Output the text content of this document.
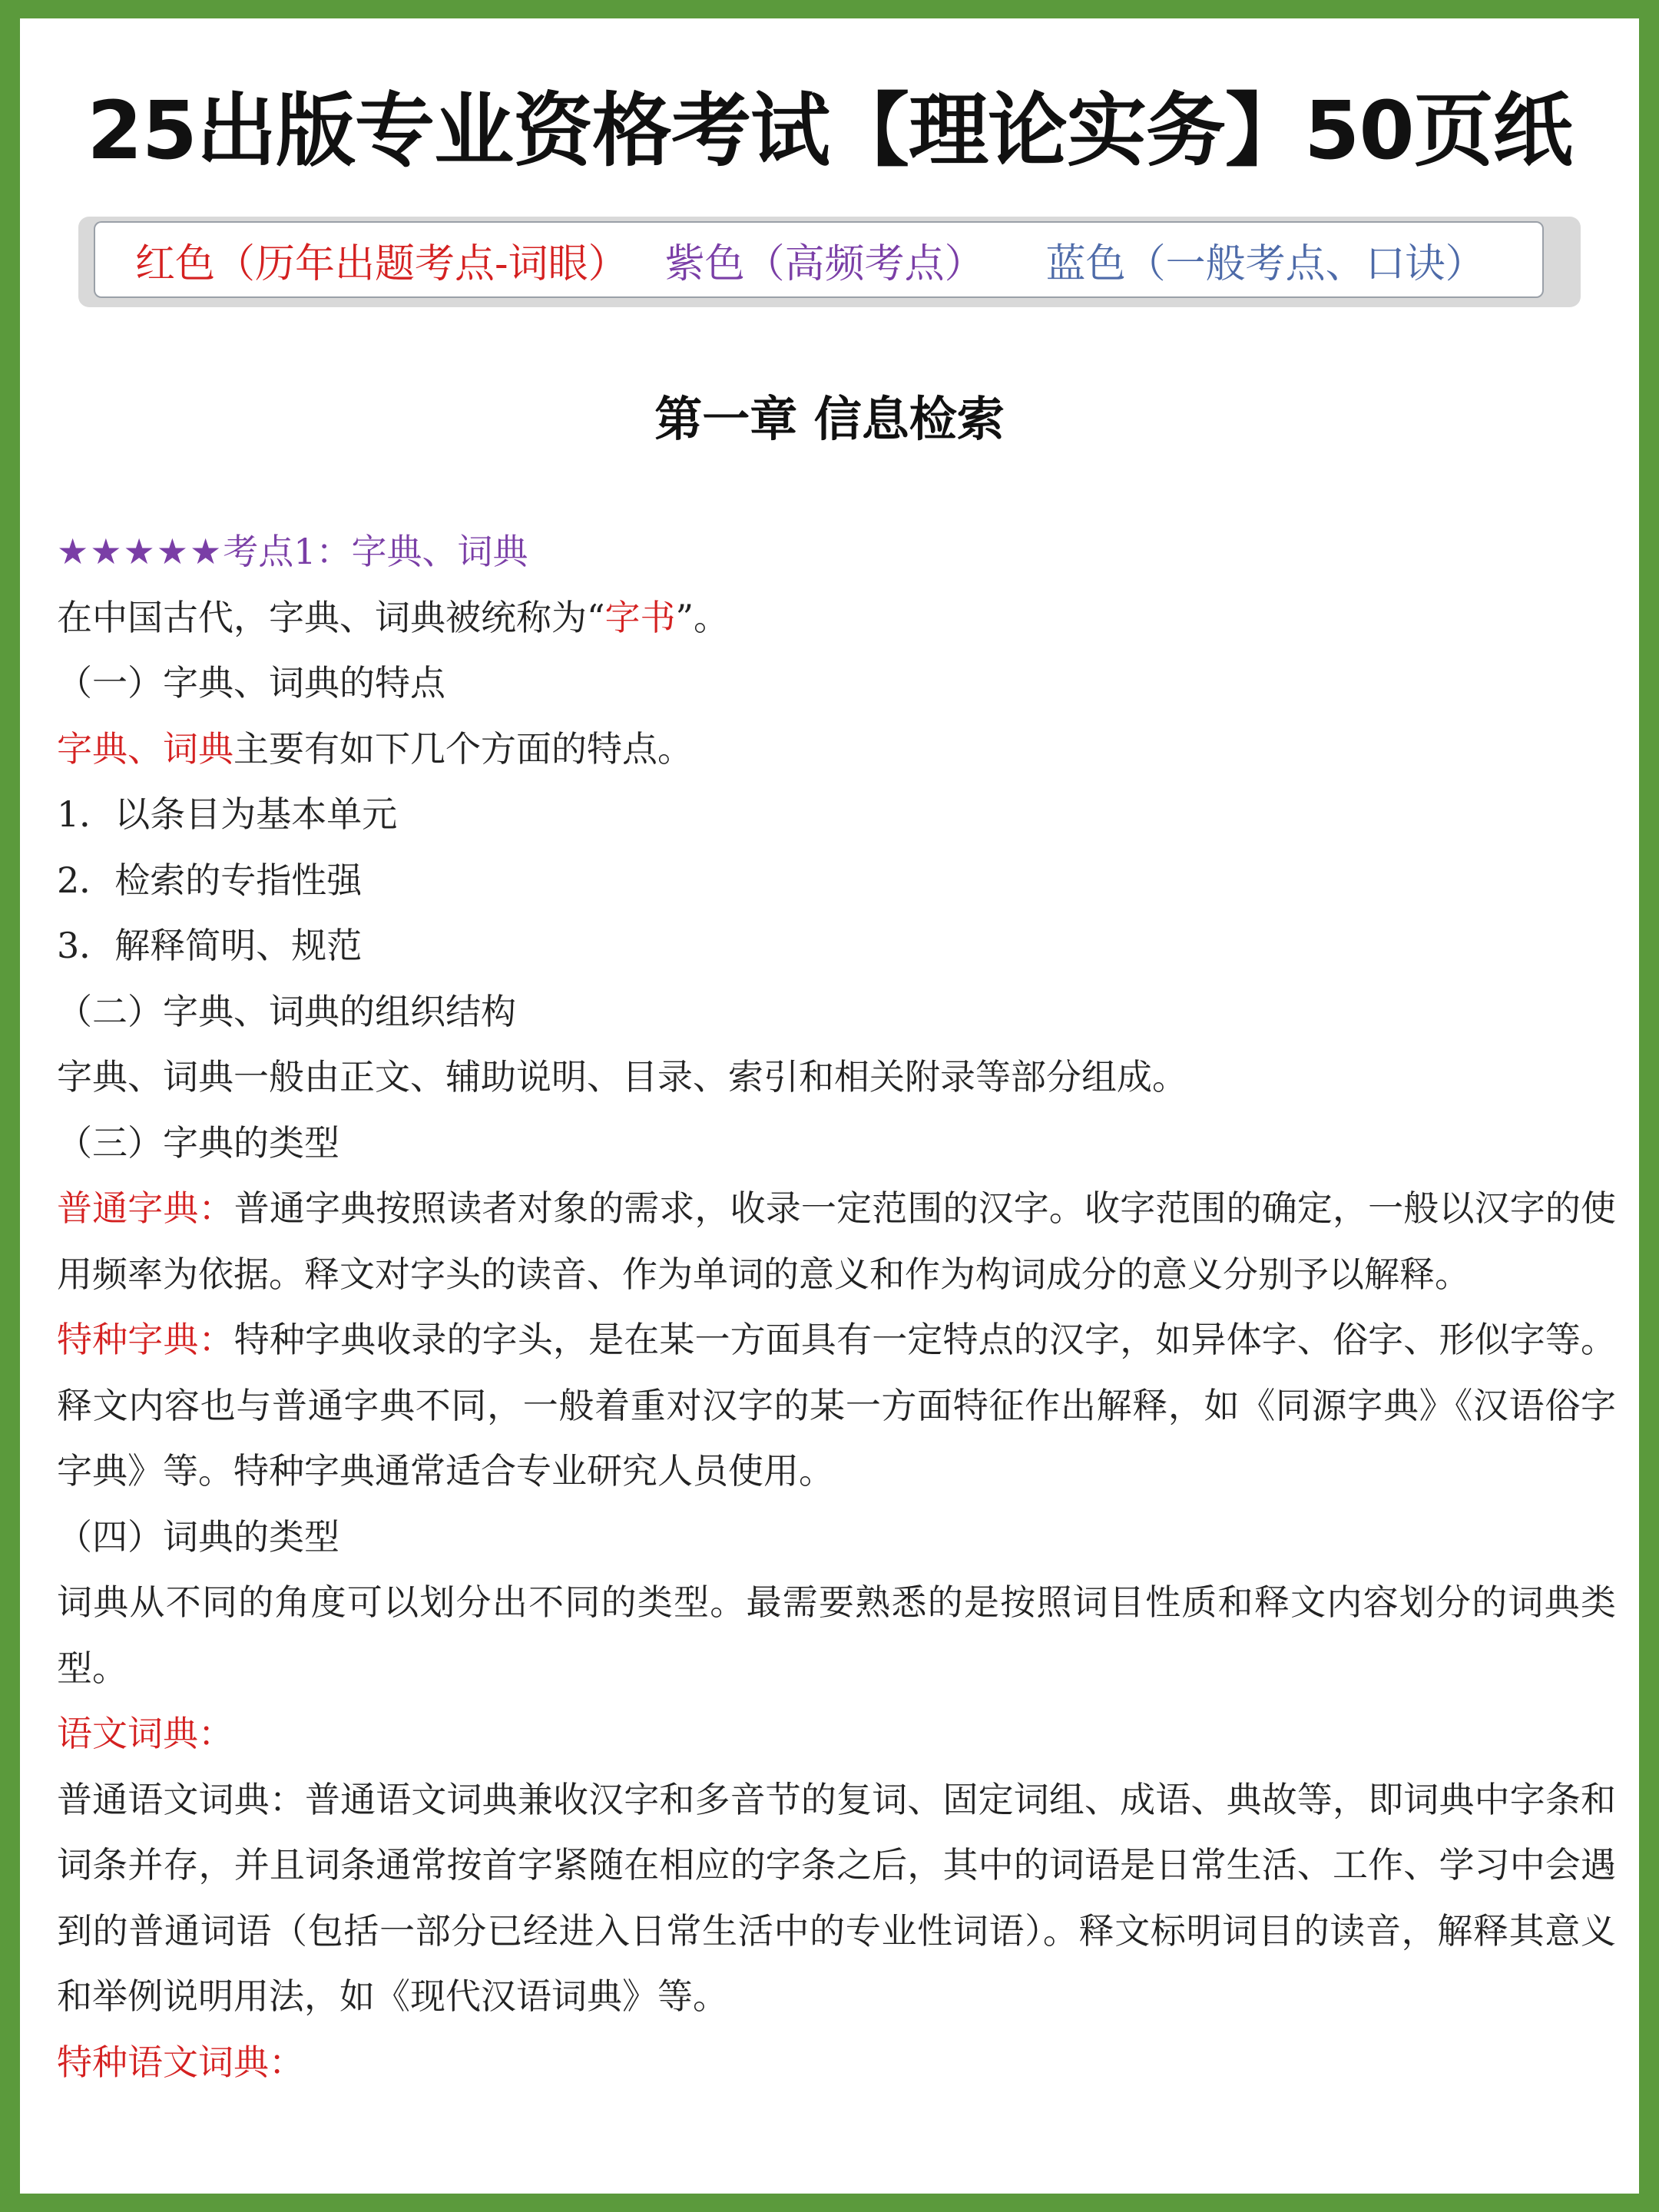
25出版专业资格考试【理论实务】50页纸
红色（历年出题考点-词眼） 紫色（高频考点） 蓝色（一般考点、口诀）
第一章 信息检索

★★★★★考点1：字典、词典

在中国古代，字典、词典被统称为“字书”。

（一）字典、词典的特点

字典、词典主要有如下几个方面的特点。

1．以条目为基本单元

2．检索的专指性强

3．解释简明、规范

（二）字典、词典的组织结构

字典、词典一般由正文、辅助说明、目录、索引和相关附录等部分组成。

（三）字典的类型

普通字典：普通字典按照读者对象的需求，收录一定范围的汉字。收字范围的确定，一般以汉字的使用频率为依据。释文对字头的读音、作为单词的意义和作为构词成分的意义分别予以解释。

特种字典：特种字典收录的字头，是在某一方面具有一定特点的汉字，如异体字、俗字、形似字等。释文内容也与普通字典不同，一般着重对汉字的某一方面特征作出解释，如《同源字典》《汉语俗字字典》等。特种字典通常适合专业研究人员使用。

（四）词典的类型

词典从不同的角度可以划分出不同的类型。最需要熟悉的是按照词目性质和释文内容划分的词典类型。

语文词典：

普通语文词典：普通语文词典兼收汉字和多音节的复词、固定词组、成语、典故等，即词典中字条和词条并存，并且词条通常按首字紧随在相应的字条之后，其中的词语是日常生活、工作、学习中会遇到的普通词语（包括一部分已经进入日常生活中的专业性词语）。释文标明词目的读音，解释其意义和举例说明用法，如《现代汉语词典》等。

特种语文词典：
